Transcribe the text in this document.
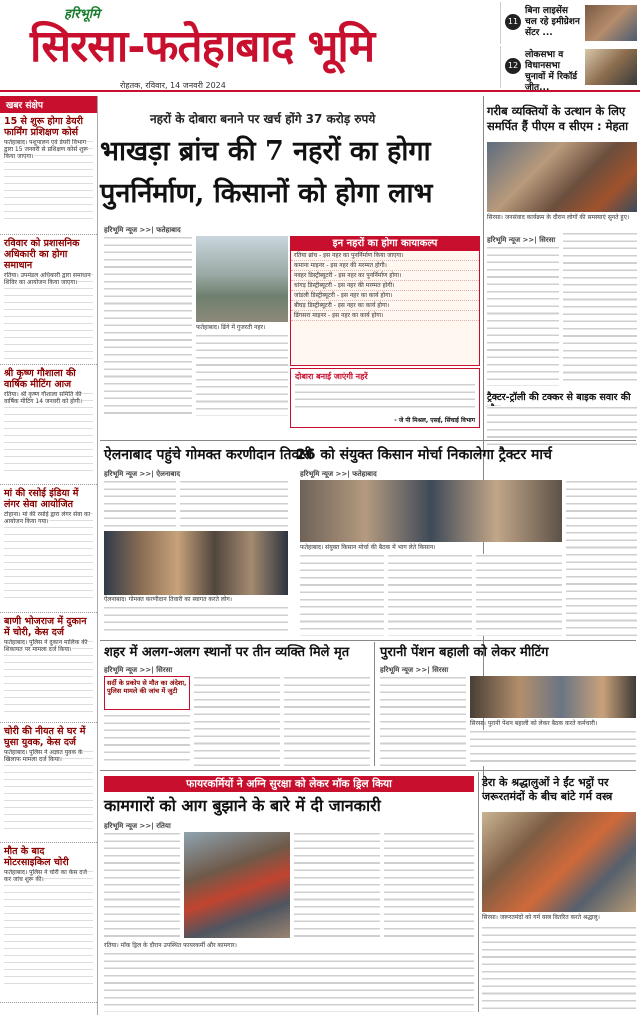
हरिभूमि
सिरसा-फतेहाबाद भूमि
रोहतक, रविवार, 14 जनवरी 2024
11
बिना लाइसेंस चल रहे इमीग्रेशन सेंटर ...
12
लोकसभा व विधानसभा चुनावों में रिकॉर्ड जीत...
खबर संक्षेप
15 से शुरू होगा डेयरी फार्मिंग प्रशिक्षण कोर्स
फतेहाबाद। पशुपालन एवं डेयरी विभाग द्वारा 15 जनवरी से प्रशिक्षण कोर्स शुरू किया जाएगा।
रविवार को प्रशासनिक अधिकारी का होगा समाधान
रतिया। उपमंडल अधिकारी द्वारा समाधान शिविर का आयोजन किया जाएगा।
श्री कृष्ण गौशाला की वार्षिक मीटिंग आज
रतिया। श्री कृष्ण गौशाला समिति की वार्षिक मीटिंग 14 जनवरी को होगी।
मां की रसोई इंडिया में लंगर सेवा आयोजित
टोहाना। मां की रसोई द्वारा लंगर सेवा का आयोजन किया गया।
बाणी भोजराज में दुकान में चोरी, केस दर्ज
फतेहाबाद। पुलिस ने दुकान मालिक की शिकायत पर मामला दर्ज किया।
चोरी की नीयत से घर में घुसा युवक, केस दर्ज
फतेहाबाद। पुलिस ने अज्ञात युवक के खिलाफ मामला दर्ज किया।
मौत के बाद मोटरसाइकिल चोरी
फतेहाबाद। पुलिस ने चोरी का केस दर्ज कर जांच शुरू की।
नहरों के दोबारा बनाने पर खर्च होंगे 37 करोड़ रुपये
भाखड़ा ब्रांच की 7 नहरों का होगा
पुनर्निर्माण, किसानों को होगा लाभ
हरिभूमि न्यूज >>| फतेहाबाद
फतेहाबाद। ढिंगे में गुजरती नहर।
इन नहरों का होगा कायाकल्प
रतिया ब्रांच - इस नहर का पुनर्निर्माण किया जाएगा।
कमाना माइनर - इस नहर की मरम्मत होगी।
नवहर डिस्ट्रीब्यूटरी - इस नहर का पुनर्निर्माण होगा।
धांगड़ डिस्ट्रीब्यूटरी - इस नहर की मरम्मत होगी।
जांडली डिस्ट्रीब्यूटरी - इस नहर का कार्य होगा।
बीघड़ डिस्ट्रीब्यूटरी - इस नहर का कार्य होगा।
ढिंगसरा माइनर - इस नहर का कार्य होगा।
दोबारा बनाई जाएंगी नहरें
- जे पी मिश्रल, एसई, सिंचाई विभाग
गरीब व्यक्तियों के उत्थान के लिए समर्पित हैं पीएम व सीएम : मेहता
सिरसा। जनसंवाद कार्यक्रम के दौरान लोगों की समस्याएं सुनते हुए।
हरिभूमि न्यूज >>| सिरसा
ट्रैक्टर-ट्रॉली की टक्कर से बाइक सवार की
ऐलनाबाद पहुंचे गोमक्त करणीदान तिवारी
हरिभूमि न्यूज >>| ऐलनाबाद
ऐलनाबाद। गोमक्त करणीदान तिवारी का स्वागत करते लोग।
26 को संयुक्त किसान मोर्चा निकालेगा ट्रैक्टर मार्च
हरिभूमि न्यूज >>| फतेहाबाद
फतेहाबाद। संयुक्त किसान मोर्चा की बैठक में भाग लेते किसान।
शहर में अलग-अलग स्थानों पर तीन व्यक्ति मिले मृत
हरिभूमि न्यूज >>| सिरसा
सर्दी के प्रकोप से मौत का अंदेशा, पुलिस मामले की जांच में जुटी
पुरानी पेंशन बहाली को लेकर मीटिंग
हरिभूमि न्यूज >>| सिरसा
सिरसा। पुरानी पेंशन बहाली को लेकर बैठक करते कर्मचारी।
फायरकर्मियों ने अग्नि सुरक्षा को लेकर मॉक ड्रिल किया
कामगारों को आग बुझाने के बारे में दी जानकारी
हरिभूमि न्यूज >>| रतिया
रतिया। मॉक ड्रिल के दौरान उपस्थित फायरकर्मी और कामगार।
डेरा के श्रद्धालुओं ने ईंट भट्ठों पर जरूरतमंदों के बीच बांटे गर्म वस्त्र
सिरसा। जरूरतमंदों को गर्म वस्त्र वितरित करते श्रद्धालु।
